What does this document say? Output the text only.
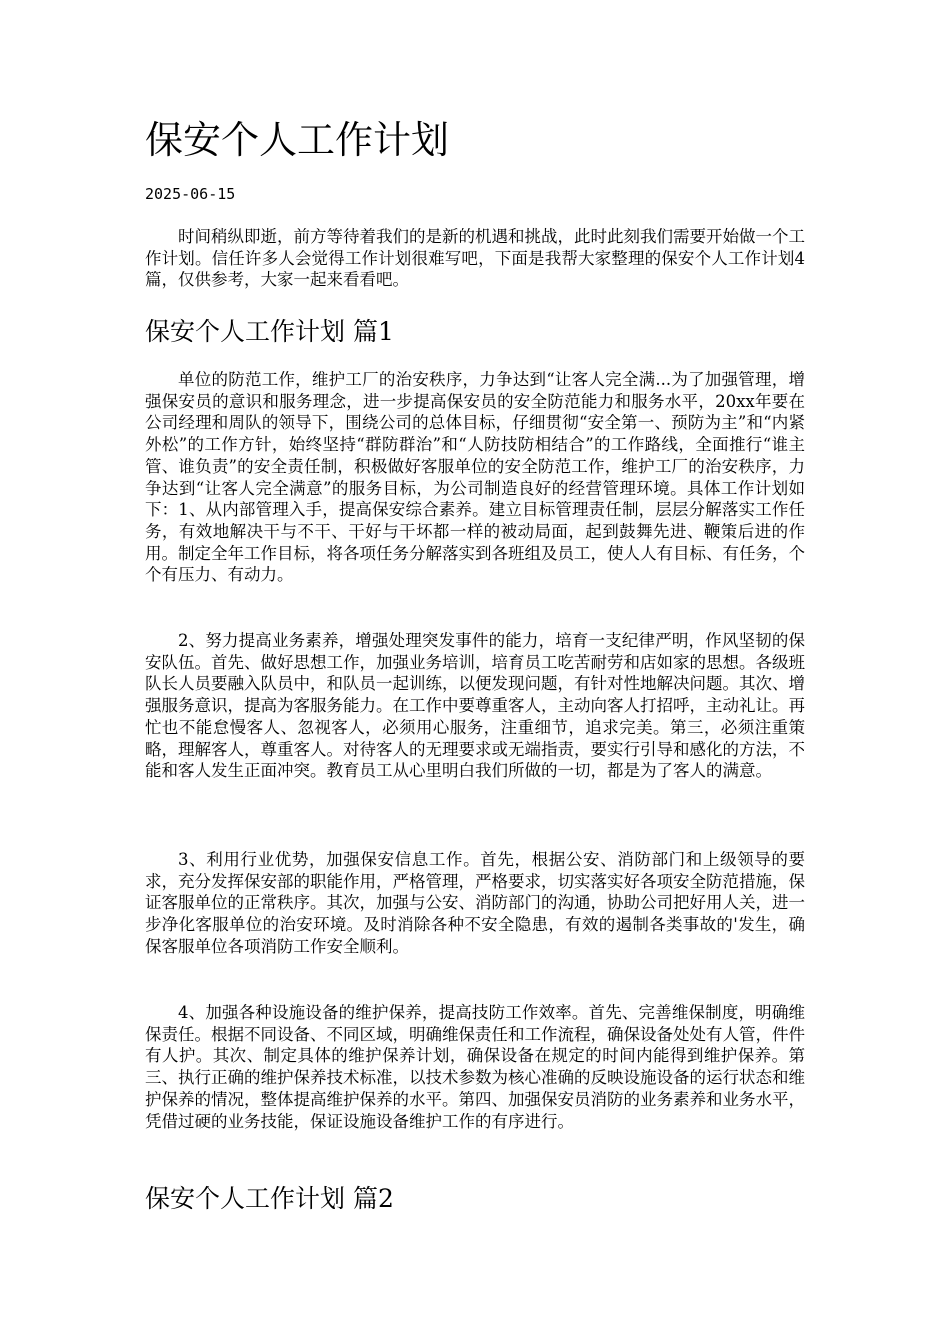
保安个人工作计划
2025-06-15

时间稍纵即逝，前方等待着我们的是新的机遇和挑战，此时此刻我们需要开始做一个工作计划。信任许多人会觉得工作计划很难写吧，下面是我帮大家整理的保安个人工作计划4篇，仅供参考，大家一起来看看吧。

保安个人工作计划 篇1

单位的防范工作，维护工厂的治安秩序，力争达到“让客人完全满...为了加强管理，增强保安员的意识和服务理念，进一步提高保安员的安全防范能力和服务水平，20xx年要在公司经理和周队的领导下，围绕公司的总体目标，仔细贯彻“安全第一、预防为主”和“内紧外松”的工作方针，始终坚持“群防群治”和“人防技防相结合”的工作路线，全面推行“谁主管、谁负责”的安全责任制，积极做好客服单位的安全防范工作，维护工厂的治安秩序，力争达到“让客人完全满意”的服务目标，为公司制造良好的经营管理环境。具体工作计划如下：1、从内部管理入手，提高保安综合素养。建立目标管理责任制，层层分解落实工作任务，有效地解决干与不干、干好与干坏都一样的被动局面，起到鼓舞先进、鞭策后进的作用。制定全年工作目标，将各项任务分解落实到各班组及员工，使人人有目标、有任务，个个有压力、有动力。

2、努力提高业务素养，增强处理突发事件的能力，培育一支纪律严明，作风坚韧的保安队伍。首先、做好思想工作，加强业务培训，培育员工吃苦耐劳和店如家的思想。各级班队长人员要融入队员中，和队员一起训练，以便发现问题，有针对性地解决问题。其次、增强服务意识，提高为客服务能力。在工作中要尊重客人，主动向客人打招呼，主动礼让。再忙也不能怠慢客人、忽视客人，必须用心服务，注重细节，追求完美。第三，必须注重策略，理解客人，尊重客人。对待客人的无理要求或无端指责，要实行引导和感化的方法，不能和客人发生正面冲突。教育员工从心里明白我们所做的一切，都是为了客人的满意。

3、利用行业优势，加强保安信息工作。首先，根据公安、消防部门和上级领导的要求，充分发挥保安部的职能作用，严格管理，严格要求，切实落实好各项安全防范措施，保证客服单位的正常秩序。其次，加强与公安、消防部门的沟通，协助公司把好用人关，进一步净化客服单位的治安环境。及时消除各种不安全隐患，有效的遏制各类事故的'发生，确保客服单位各项消防工作安全顺利。

4、加强各种设施设备的维护保养，提高技防工作效率。首先、完善维保制度，明确维保责任。根据不同设备、不同区域，明确维保责任和工作流程，确保设备处处有人管，件件有人护。其次、制定具体的维护保养计划，确保设备在规定的时间内能得到维护保养。第三、执行正确的维护保养技术标准，以技术参数为核心准确的反映设施设备的运行状态和维护保养的情况，整体提高维护保养的水平。第四、加强保安员消防的业务素养和业务水平，凭借过硬的业务技能，保证设施设备维护工作的有序进行。

保安个人工作计划 篇2
